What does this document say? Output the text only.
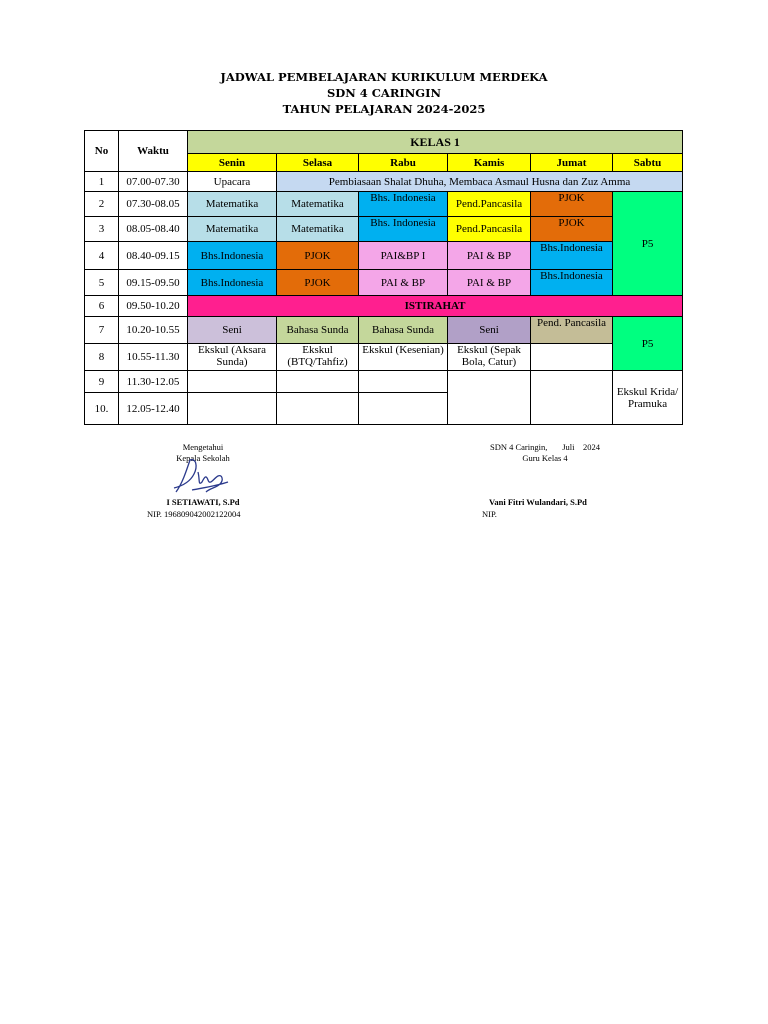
JADWAL PEMBELAJARAN KURIKULUM MERDEKA
SDN 4 CARINGIN
TAHUN PELAJARAN 2024-2025
No	Waktu	KELAS 1					
		Senin	Selasa	Rabu	Kamis	Jumat	Sabtu
1	07.00-07.30	Upacara	Pembiasaan Shalat Dhuha, Membaca Asmaul Husna dan Zuz Amma				
2	07.30-08.05	Matematika	Matematika	Bhs. Indonesia	Pend.Pancasila	PJOK	P5
3	08.05-08.40	Matematika	Matematika	Bhs. Indonesia	Pend.Pancasila	PJOK	
4	08.40-09.15	Bhs.Indonesia	PJOK	PAI&BP I	PAI & BP	Bhs.Indonesia	
5	09.15-09.50	Bhs.Indonesia	PJOK	PAI & BP	PAI & BP	Bhs.Indonesia	
6	09.50-10.20	ISTIRAHAT					
7	10.20-10.55	Seni	Bahasa Sunda	Bahasa Sunda	Seni	Pend. Pancasila	P5
8	10.55-11.30	Ekskul (Aksara Sunda)	Ekskul (BTQ/Tahfiz)	Ekskul (Kesenian)	Ekskul (Sepak Bola, Catur)		
9	11.30-12.05						Ekskul Krida/ Pramuka
10.	12.05-12.40						
Mengetahui
Kepala Sekolah
I SETIAWATI, S.Pd
NIP. 196809042002122004
SDN 4 Caringin,       Juli    2024
Guru Kelas 4
Vani Fitri Wulandari, S.Pd
NIP.
